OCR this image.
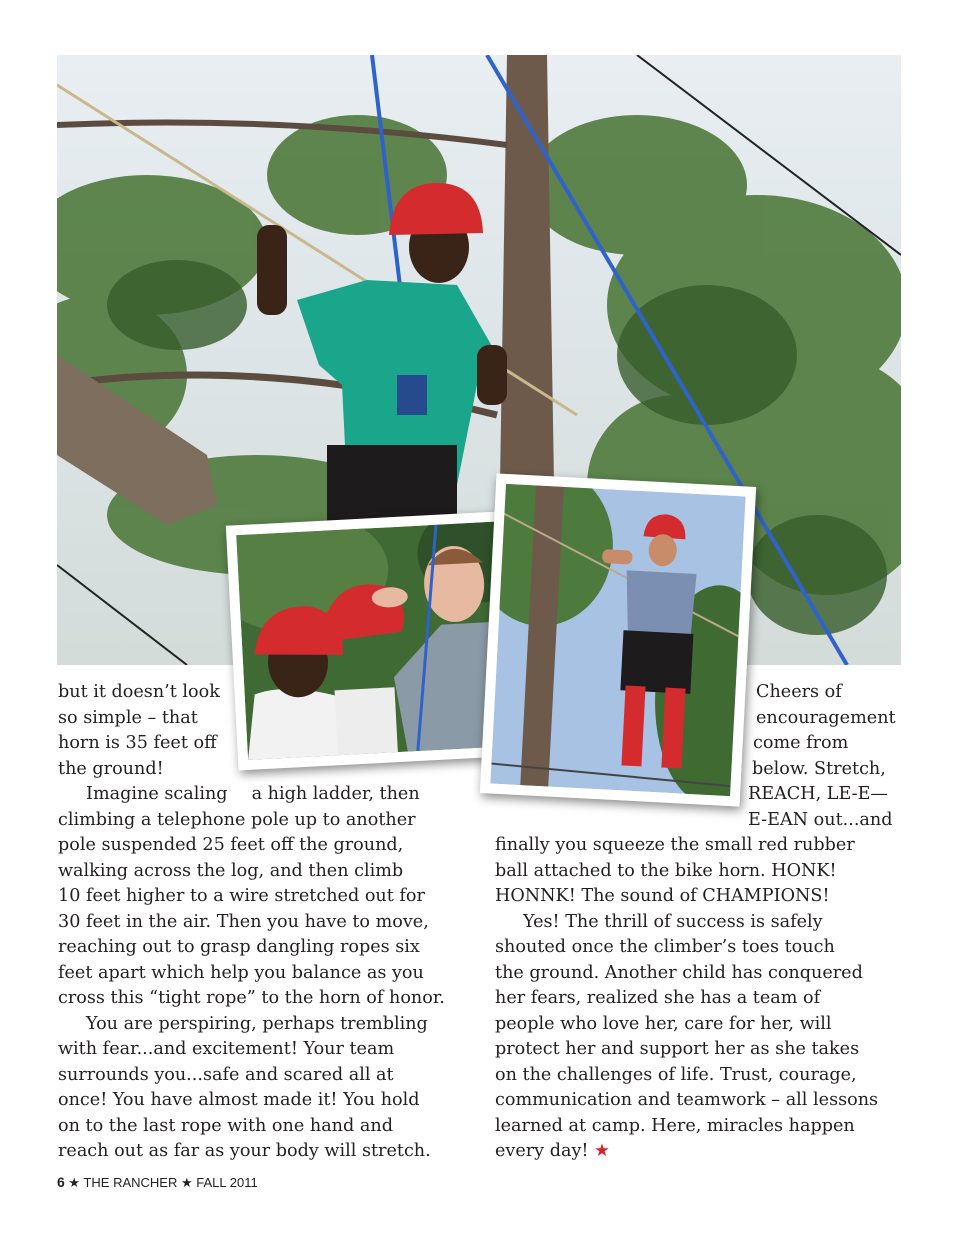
but it doesn’t look
so simple – that
horn is 35 feet off
the ground!
Imagine scaling a high ladder, then
climbing a telephone pole up to another
pole suspended 25 feet off the ground,
walking across the log, and then climb
10 feet higher to a wire stretched out for
30 feet in the air. Then you have to move,
reaching out to grasp dangling ropes six
feet apart which help you balance as you
cross this “tight rope” to the horn of honor.
You are perspiring, perhaps trembling
with fear...and excitement! Your team
surrounds you...safe and scared all at
once! You have almost made it! You hold
on to the last rope with one hand and
reach out as far as your body will stretch.
Cheers of
encouragement
come from
below. Stretch,
REACH, LE-E—
E-EAN out...and
finally you squeeze the small red rubber
ball attached to the bike horn. HONK!
HONNK! The sound of CHAMPIONS!
Yes! The thrill of success is safely
shouted once the climber’s toes touch
the ground. Another child has conquered
her fears, realized she has a team of
people who love her, care for her, will
protect her and support her as she takes
on the challenges of life. Trust, courage,
communication and teamwork – all lessons
learned at camp. Here, miracles happen
every day! ★
6 ★ THE RANCHER ★ FALL 2011
